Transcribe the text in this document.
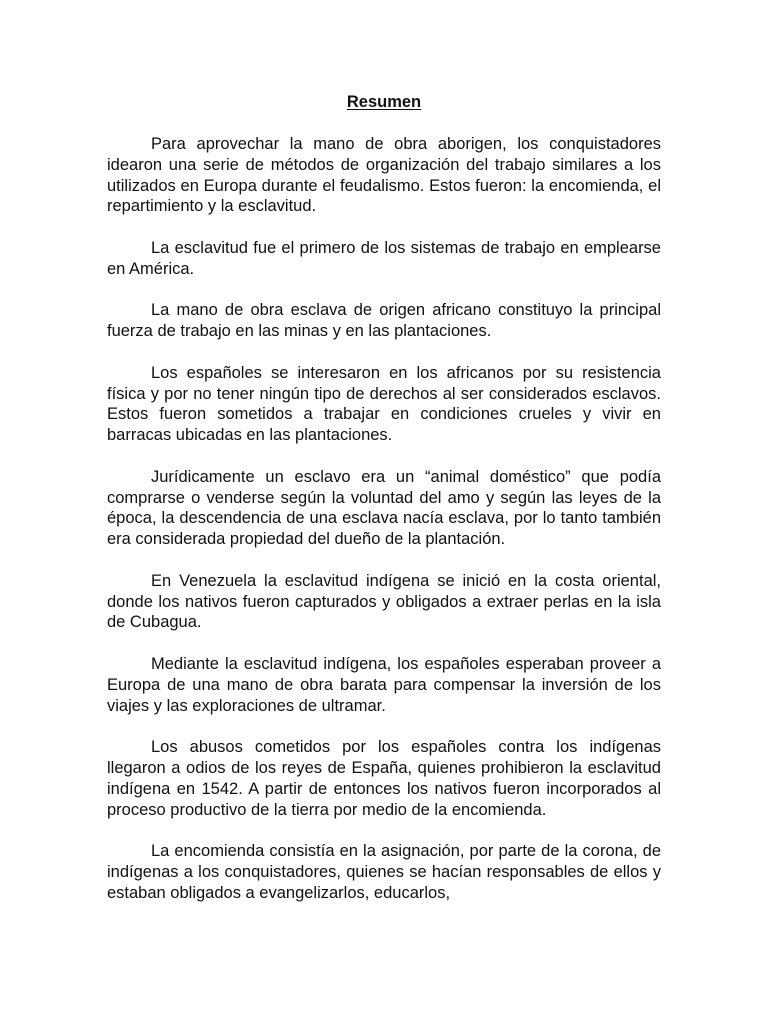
Resumen

Para aprovechar la mano de obra aborigen, los conquistadores idearon una serie de métodos de organización del trabajo similares a los utilizados en Europa durante el feudalismo. Estos fueron: la encomienda, el repartimiento y la esclavitud.

La esclavitud fue el primero de los sistemas de trabajo en emplearse en América.

La mano de obra esclava de origen africano constituyo la principal fuerza de trabajo en las minas y en las plantaciones.

Los españoles se interesaron en los africanos por su resistencia física y por no tener ningún tipo de derechos al ser considerados esclavos. Estos fueron sometidos a trabajar en condiciones crueles y vivir en barracas ubicadas en las plantaciones.

Jurídicamente un esclavo era un “animal doméstico” que podía comprarse o venderse según la voluntad del amo y según las leyes de la época, la descendencia de una esclava nacía esclava, por lo tanto también era considerada propiedad del dueño de la plantación.

En Venezuela la esclavitud indígena se inició en la costa oriental, donde los nativos fueron capturados y obligados a extraer perlas en la isla de Cubagua.

Mediante la esclavitud indígena, los españoles esperaban proveer a Europa de una mano de obra barata para compensar la inversión de los viajes y las exploraciones de ultramar.

Los abusos cometidos por los españoles contra los indígenas llegaron a odios de los reyes de España, quienes prohibieron la esclavitud indígena en 1542. A partir de entonces los nativos fueron incorporados al proceso productivo de la tierra por medio de la encomienda.

La encomienda consistía en la asignación, por parte de la corona, de indígenas a los conquistadores, quienes se hacían responsables de ellos y estaban obligados a evangelizarlos, educarlos,
